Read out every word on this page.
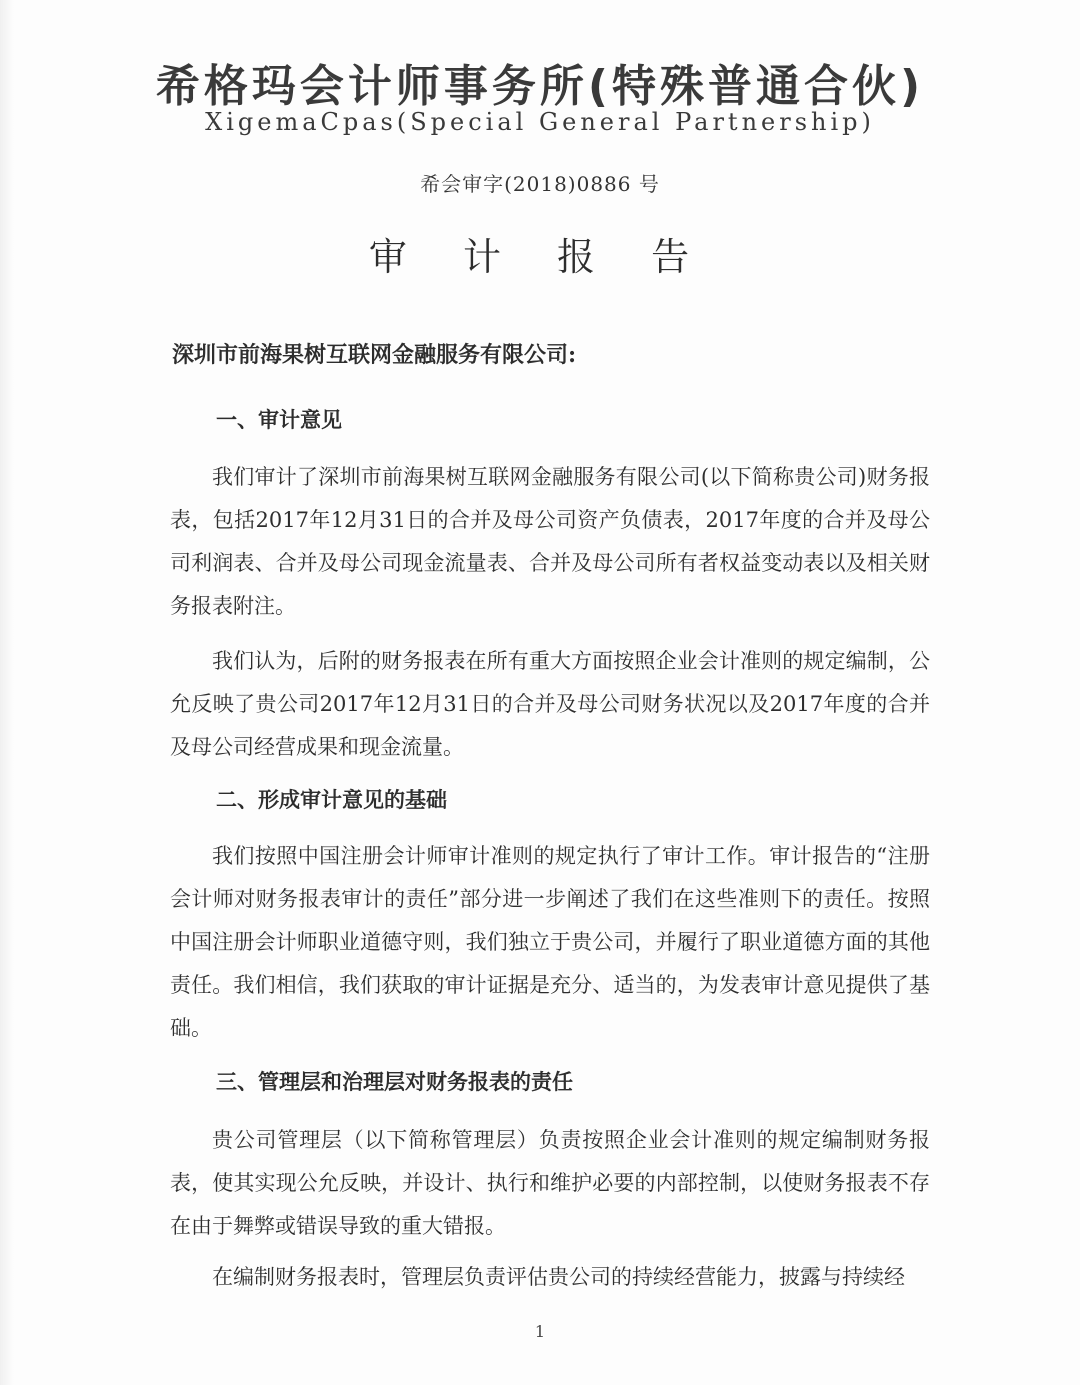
希格玛会计师事务所(特殊普通合伙)
XigemaCpas(Special General Partnership)
希会审字(2018)0886 号
审 计 报 告
深圳市前海果树互联网金融服务有限公司:
一、审计意见

我们审计了深圳市前海果树互联网金融服务有限公司(以下简称贵公司)财务报表，包括2017年12月31日的合并及母公司资产负债表，2017年度的合并及母公司利润表、合并及母公司现金流量表、合并及母公司所有者权益变动表以及相关财务报表附注。

我们认为，后附的财务报表在所有重大方面按照企业会计准则的规定编制，公允反映了贵公司2017年12月31日的合并及母公司财务状况以及2017年度的合并及母公司经营成果和现金流量。

二、形成审计意见的基础

我们按照中国注册会计师审计准则的规定执行了审计工作。审计报告的“注册会计师对财务报表审计的责任”部分进一步阐述了我们在这些准则下的责任。按照中国注册会计师职业道德守则，我们独立于贵公司，并履行了职业道德方面的其他责任。我们相信，我们获取的审计证据是充分、适当的，为发表审计意见提供了基础。

三、管理层和治理层对财务报表的责任

贵公司管理层（以下简称管理层）负责按照企业会计准则的规定编制财务报表，使其实现公允反映，并设计、执行和维护必要的内部控制，以使财务报表不存在由于舞弊或错误导致的重大错报。

在编制财务报表时，管理层负责评估贵公司的持续经营能力，披露与持续经

1
